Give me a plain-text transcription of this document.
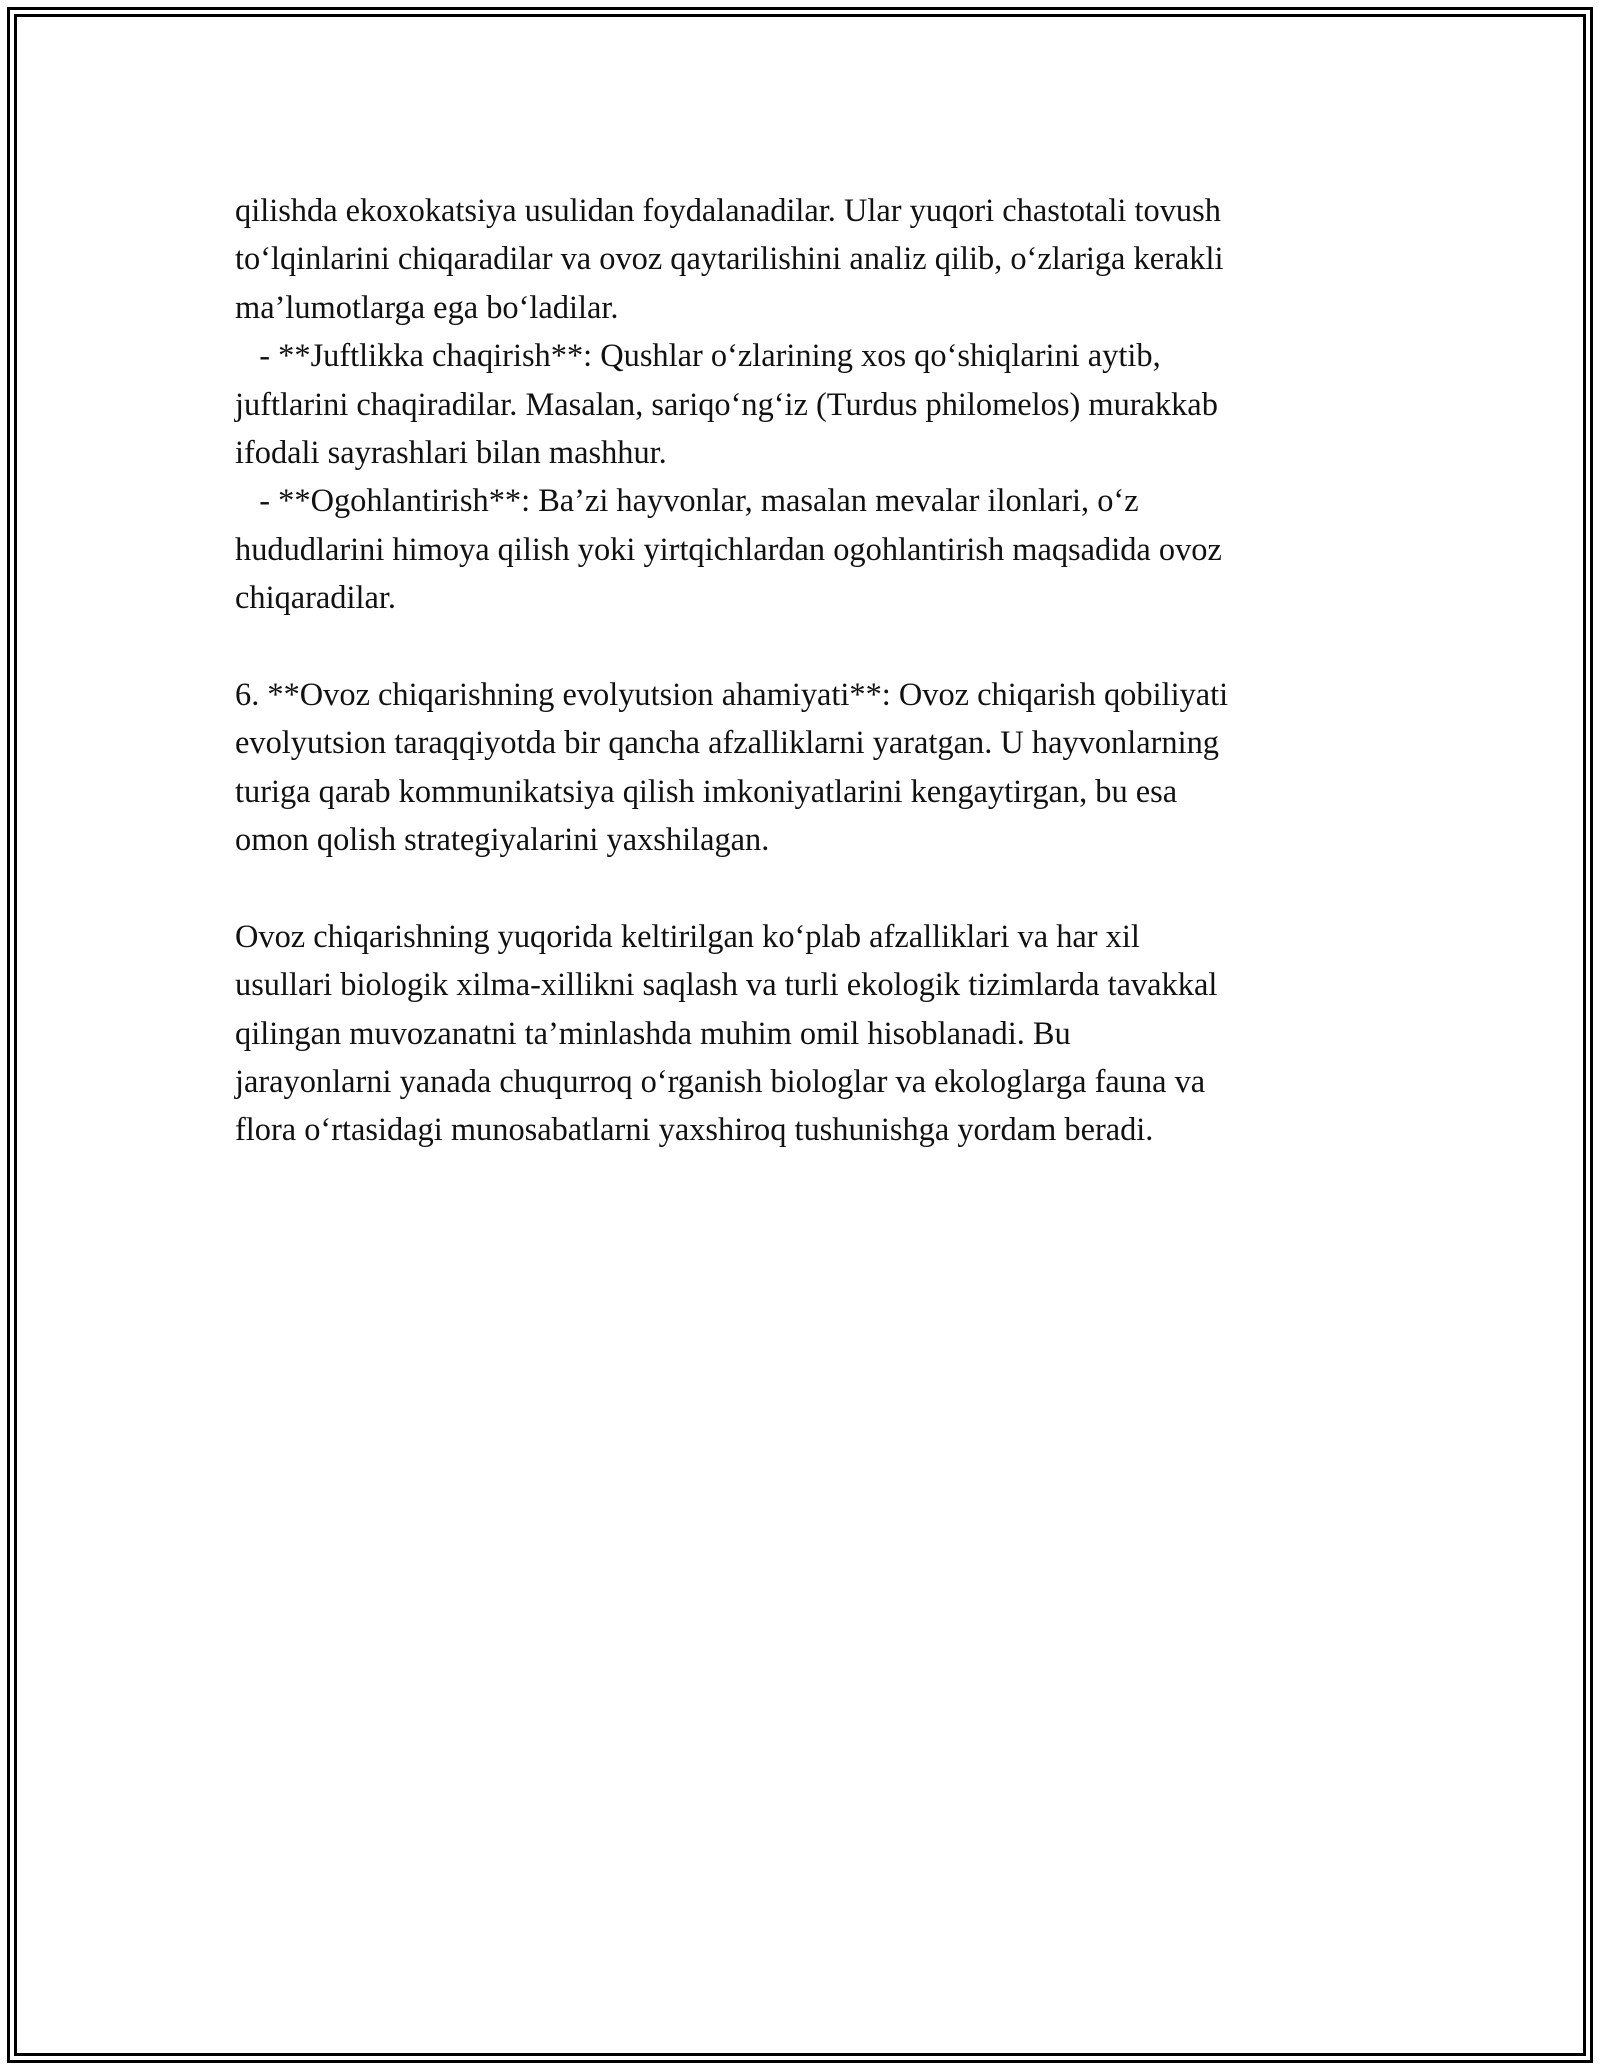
qilishda ekoxokatsiya usulidan foydalanadilar. Ular yuqori chastotali tovush
to‘lqinlarini chiqaradilar va ovoz qaytarilishini analiz qilib, o‘zlariga kerakli
ma’lumotlarga ega bo‘ladilar.
- **Juftlikka chaqirish**: Qushlar o‘zlarining xos qo‘shiqlarini aytib,
juftlarini chaqiradilar. Masalan, sariqo‘ng‘iz (Turdus philomelos) murakkab
ifodali sayrashlari bilan mashhur.
- **Ogohlantirish**: Ba’zi hayvonlar, masalan mevalar ilonlari, o‘z
hududlarini himoya qilish yoki yirtqichlardan ogohlantirish maqsadida ovoz
chiqaradilar.
6. **Ovoz chiqarishning evolyutsion ahamiyati**: Ovoz chiqarish qobiliyati
evolyutsion taraqqiyotda bir qancha afzalliklarni yaratgan. U hayvonlarning
turiga qarab kommunikatsiya qilish imkoniyatlarini kengaytirgan, bu esa
omon qolish strategiyalarini yaxshilagan.
Ovoz chiqarishning yuqorida keltirilgan ko‘plab afzalliklari va har xil
usullari biologik xilma-xillikni saqlash va turli ekologik tizimlarda tavakkal
qilingan muvozanatni ta’minlashda muhim omil hisoblanadi. Bu
jarayonlarni yanada chuqurroq o‘rganish biologlar va ekologlarga fauna va
flora o‘rtasidagi munosabatlarni yaxshiroq tushunishga yordam beradi.
